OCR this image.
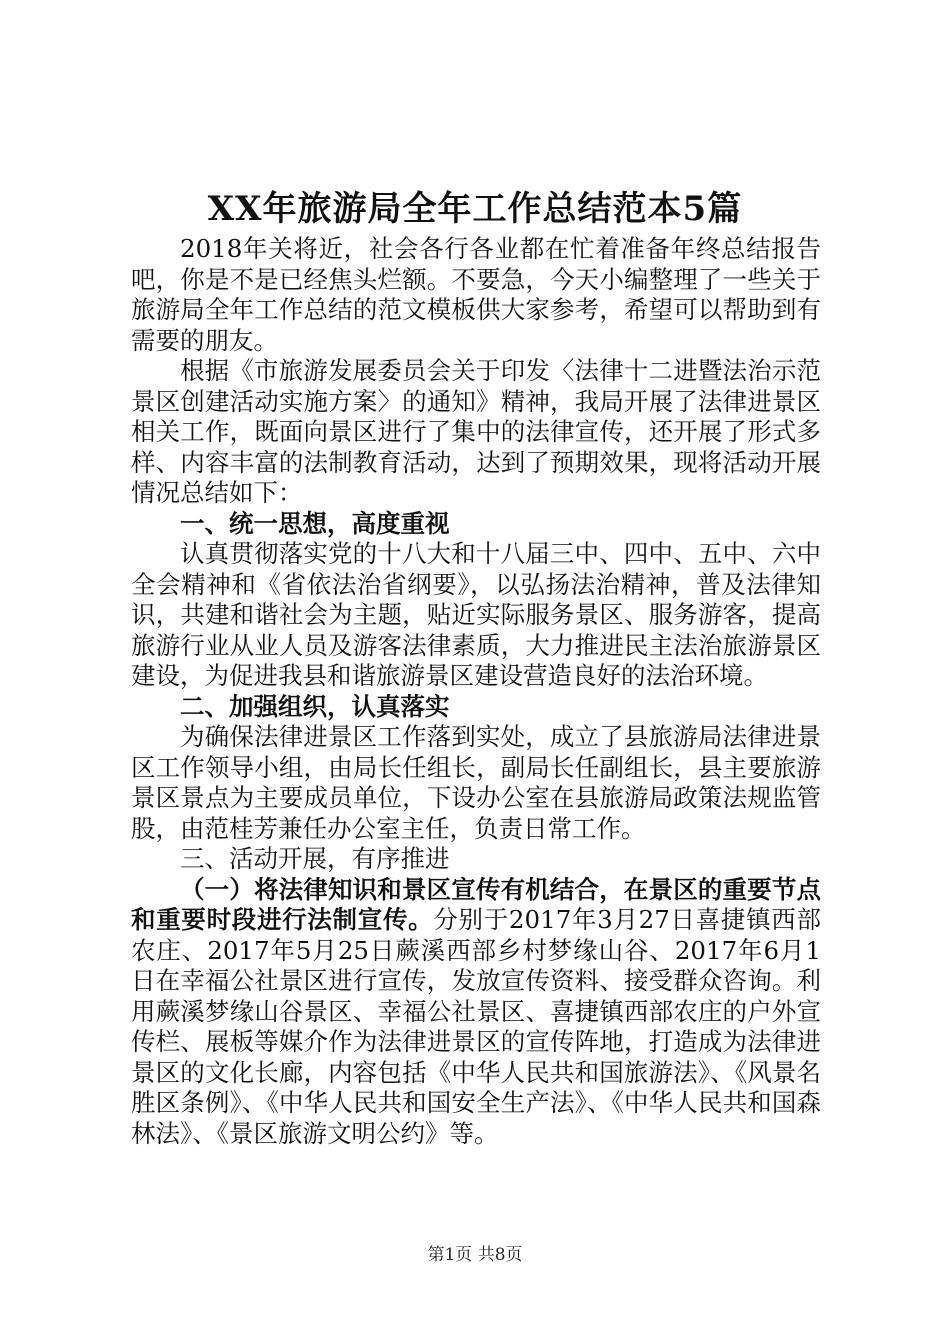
XX年旅游局全年工作总结范本5篇

2018年关将近，社会各行各业都在忙着准备年终总结报告吧，你是不是已经焦头烂额。不要急，今天小编整理了一些关于旅游局全年工作总结的范文模板供大家参考，希望可以帮助到有需要的朋友。

根据《市旅游发展委员会关于印发〈法律十二进暨法治示范景区创建活动实施方案〉的通知》精神，我局开展了法律进景区相关工作，既面向景区进行了集中的法律宣传，还开展了形式多样、内容丰富的法制教育活动，达到了预期效果，现将活动开展情况总结如下：

一、统一思想，高度重视

认真贯彻落实党的十八大和十八届三中、四中、五中、六中全会精神和《省依法治省纲要》，以弘扬法治精神，普及法律知识，共建和谐社会为主题，贴近实际服务景区、服务游客，提高旅游行业从业人员及游客法律素质，大力推进民主法治旅游景区建设，为促进我县和谐旅游景区建设营造良好的法治环境。

二、加强组织，认真落实

为确保法律进景区工作落到实处，成立了县旅游局法律进景区工作领导小组，由局长任组长，副局长任副组长，县主要旅游景区景点为主要成员单位，下设办公室在县旅游局政策法规监管股，由范桂芳兼任办公室主任，负责日常工作。

三、活动开展，有序推进

（一）将法律知识和景区宣传有机结合，在景区的重要节点和重要时段进行法制宣传。分别于2017年3月27日喜捷镇西部农庄、2017年5月25日蕨溪西部乡村梦缘山谷、2017年6月1日在幸福公社景区进行宣传，发放宣传资料、接受群众咨询。利用蕨溪梦缘山谷景区、幸福公社景区、喜捷镇西部农庄的户外宣传栏、展板等媒介作为法律进景区的宣传阵地，打造成为法律进景区的文化长廊，内容包括《中华人民共和国旅游法》、《风景名胜区条例》、《中华人民共和国安全生产法》、《中华人民共和国森林法》、《景区旅游文明公约》等。

第1页 共8页
